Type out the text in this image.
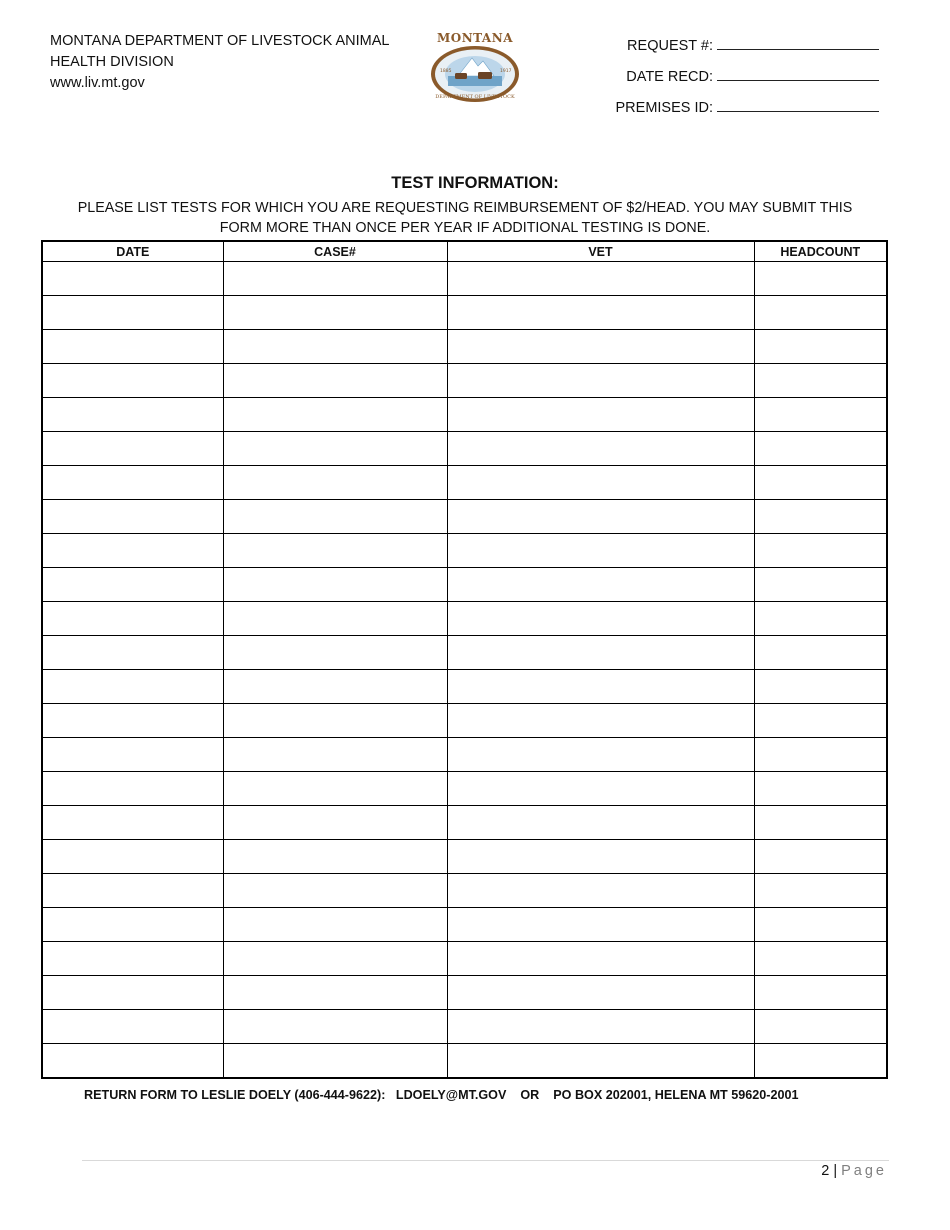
MONTANA DEPARTMENT OF LIVESTOCK ANIMAL
HEALTH DIVISION
www.liv.mt.gov
MONTANA
1885	1917
DEPARTMENT OF LIVESTOCK
REQUEST #:
DATE RECD:
PREMISES ID:
TEST INFORMATION:
PLEASE LIST TESTS FOR WHICH YOU ARE REQUESTING REIMBURSEMENT OF $2/HEAD. YOU MAY SUBMIT THIS FORM MORE THAN ONCE PER YEAR IF ADDITIONAL TESTING IS DONE.
DATE	CASE#	VET	HEADCOUNT

RETURN FORM TO LESLIE DOELY (406-444-9622):   LDOELY@MT.GOV    OR    PO BOX 202001, HELENA MT 59620-2001
2 | Page
